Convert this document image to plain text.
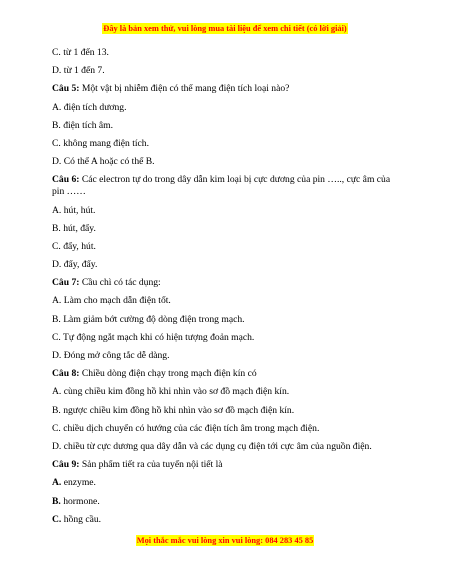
Đây là bản xem thử, vui lòng mua tài liệu để xem chi tiết (có lời giải)
C. từ 1 đến 13.
D. từ 1 đến 7.
Câu 5: Một vật bị nhiễm điện có thể mang điện tích loại nào?
A. điện tích dương.
B. điện tích âm.
C. không mang điện tích.
D. Có thể A hoặc có thể B.
Câu 6: Các electron tự do trong dây dẫn kim loại bị cực dương của pin ….., cực âm của pin ……
A. hút, hút.
B. hút, đẩy.
C. đẩy, hút.
D. đẩy, đẩy.
Câu 7: Cầu chì có tác dụng:
A. Làm cho mạch dẫn điện tốt.
B. Làm giảm bớt cường độ dòng điện trong mạch.
C. Tự động ngắt mạch khi có hiện tượng đoản mạch.
D. Đóng mở công tắc dễ dàng.
Câu 8: Chiều dòng điện chạy trong mạch điện kín có
A. cùng chiều kim đồng hồ khi nhìn vào sơ đồ mạch điện kín.
B. ngược chiều kim đồng hồ khi nhìn vào sơ đồ mạch điện kín.
C. chiều dịch chuyển có hướng của các điện tích âm trong mạch điện.
D. chiều từ cực dương qua dây dẫn và các dụng cụ điện tới cực âm của nguồn điện.
Câu 9: Sản phẩm tiết ra của tuyến nội tiết là
A. enzyme.
B. hormone.
C. hồng cầu.
Mọi thắc mắc vui lòng xin vui lòng: 084 283 45 85
